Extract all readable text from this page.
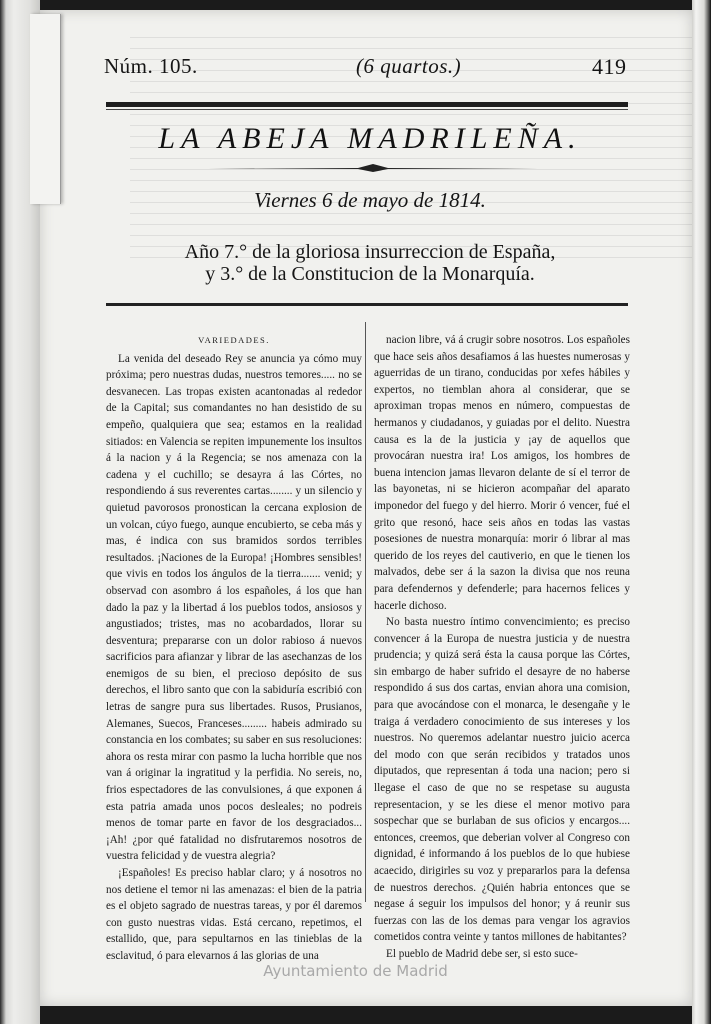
Núm. 105.	(6 quartos.)	419
LA ABEJA MADRILEÑA.
Viernes 6 de mayo de 1814.
Año 7.° de la gloriosa insurreccion de España,
y 3.° de la Constitucion de la Monarquía.

VARIEDADES.

La venida del deseado Rey se anuncia ya cómo muy próxima; pero nuestras dudas, nuestros temores..... no se desvanecen. Las tropas existen acantonadas al rededor de la Capital; sus comandantes no han desistido de su empeño, qualquiera que sea; estamos en la realidad sitiados: en Valencia se repiten impunemente los insultos á la nacion y á la Regencia; se nos amenaza con la cadena y el cuchillo; se desayra á las Córtes, no respondiendo á sus reverentes cartas........ y un silencio y quietud pavorosos pronostican la cercana explosion de un volcan, cúyo fuego, aunque encubierto, se ceba más y mas, é indica con sus bramidos sordos terribles resultados. ¡Naciones de la Europa! ¡Hombres sensibles! que vivis en todos los ángulos de la tierra....... venid; y observad con asombro á los españoles, á los que han dado la paz y la libertad á los pueblos todos, ansiosos y angustiados; tristes, mas no acobardados, llorar su desventura; prepararse con un dolor rabioso á nuevos sacrificios para afianzar y librar de las asechanzas de los enemigos de su bien, el precioso depósito de sus derechos, el libro santo que con la sabiduría escribió con letras de sangre pura sus libertades. Rusos, Prusianos, Alemanes, Suecos, Franceses......... habeis admirado su constancia en los combates; su saber en sus resoluciones: ahora os resta mirar con pasmo la lucha horrible que nos van á originar la ingratitud y la perfidia. No sereis, no, frios espectadores de las convulsiones, á que exponen á esta patria amada unos pocos desleales; no podreis menos de tomar parte en favor de los desgraciados... ¡Ah! ¿por qué fatalidad no disfrutaremos nosotros de vuestra felicidad y de vuestra alegria?

¡Españoles! Es preciso hablar claro; y á nosotros no nos detiene el temor ni las amenazas: el bien de la patria es el objeto sagrado de nuestras tareas, y por él daremos con gusto nuestras vidas. Está cercano, repetimos, el estallido, que, para sepultarnos en las tinieblas de la esclavitud, ó para elevarnos á las glorias de una

nacion libre, vá á crugir sobre nosotros. Los españoles que hace seis años desafiamos á las huestes numerosas y aguerridas de un tirano, conducidas por xefes hábiles y expertos, no tiemblan ahora al considerar, que se aproximan tropas menos en número, compuestas de hermanos y ciudadanos, y guiadas por el delito. Nuestra causa es la de la justicia y ¡ay de aquellos que provocáran nuestra ira! Los amigos, los hombres de buena intencion jamas llevaron delante de sí el terror de las bayonetas, ni se hicieron acompañar del aparato imponedor del fuego y del hierro. Morir ó vencer, fué el grito que resonó, hace seis años en todas las vastas posesiones de nuestra monarquía: morir ó librar al mas querido de los reyes del cautiverio, en que le tienen los malvados, debe ser á la sazon la divisa que nos reuna para defendernos y defenderle; para hacernos felices y hacerle dichoso.

No basta nuestro íntimo convencimiento; es preciso convencer á la Europa de nuestra justicia y de nuestra prudencia; y quizá será ésta la causa porque las Córtes, sin embargo de haber sufrido el desayre de no haberse respondido á sus dos cartas, envian ahora una comision, para que avocándose con el monarca, le desengañe y le traiga á verdadero conocimiento de sus intereses y los nuestros. No queremos adelantar nuestro juicio acerca del modo con que serán recibidos y tratados unos diputados, que representan á toda una nacion; pero si llegase el caso de que no se respetase su augusta representacion, y se les diese el menor motivo para sospechar que se burlaban de sus oficios y encargos.... entonces, creemos, que deberian volver al Congreso con dignidad, é informando á los pueblos de lo que hubiese acaecido, dirigirles su voz y prepararlos para la defensa de nuestros derechos. ¿Quién habria entonces que se negase á seguir los impulsos del honor; y á reunir sus fuerzas con las de los demas para vengar los agravios cometidos contra veinte y tantos millones de habitantes?

El pueblo de Madrid debe ser, si esto suce-

Ayuntamiento de Madrid
